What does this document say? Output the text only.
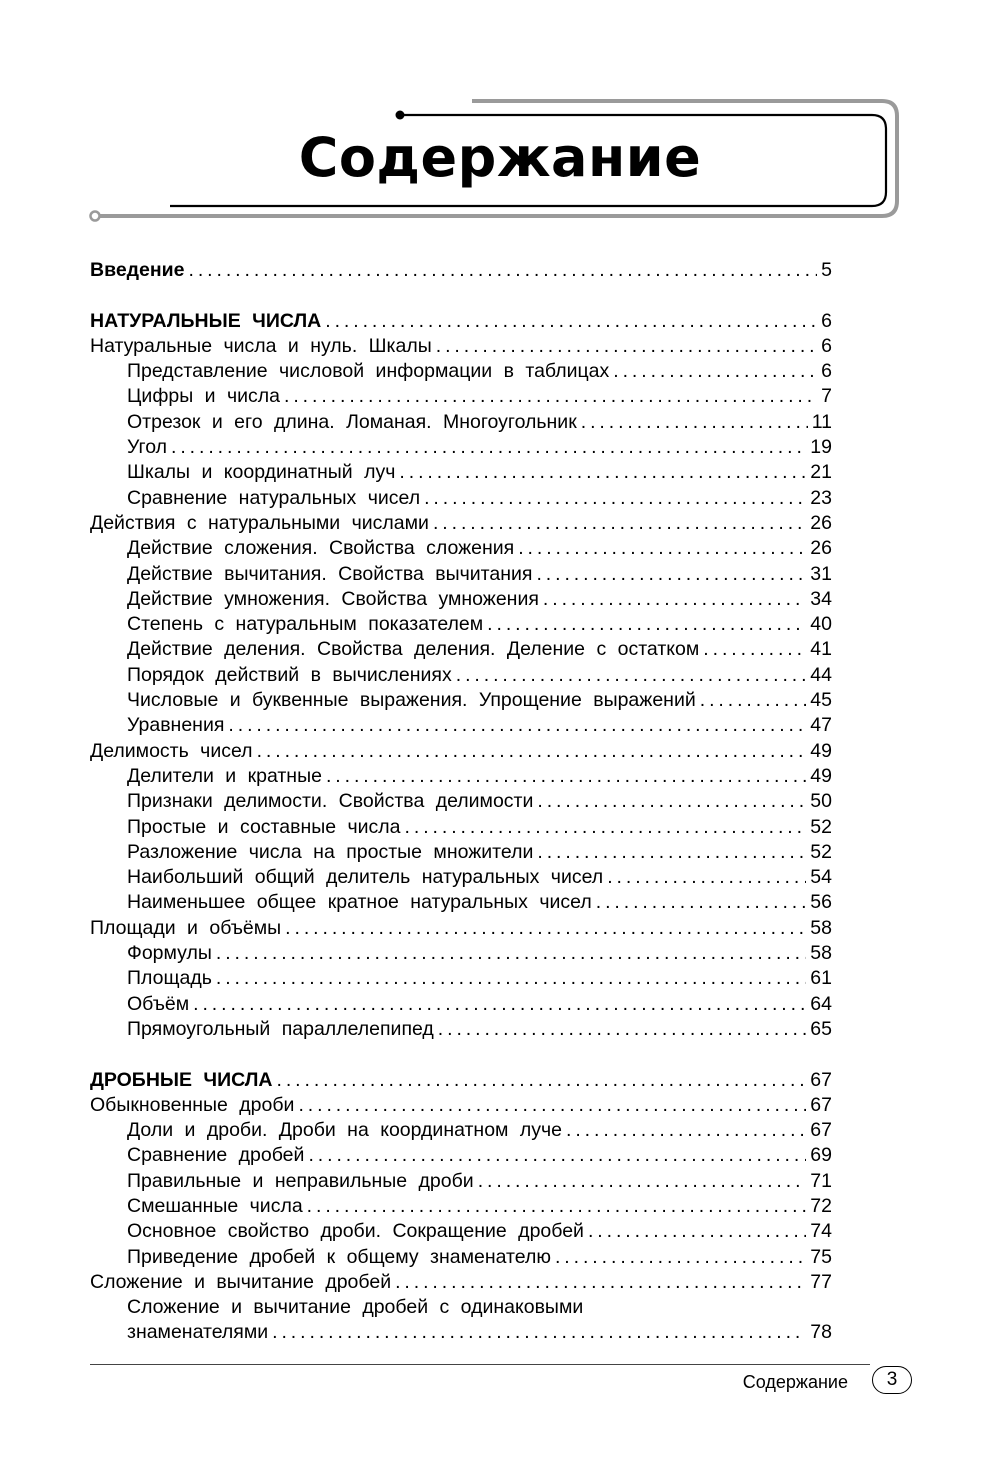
Содержание
Введение . . .	5
НАТУРАЛЬНЫЕ ЧИСЛА . . .	6
Натуральные числа и нуль. Шкалы . . .	6
Представление числовой информации в таблицах . . .	6
Цифры и числа . . .	7
Отрезок и его длина. Ломаная. Многоугольник . . .	11
Угол . . .	19
Шкалы и координатный луч . . .	21
Сравнение натуральных чисел . . .	23
Действия с натуральными числами . . .	26
Действие сложения. Свойства сложения . . .	26
Действие вычитания. Свойства вычитания . . .	31
Действие умножения. Свойства умножения . . .	34
Степень с натуральным показателем . . .	40
Действие деления. Свойства деления. Деление с остатком . . .	41
Порядок действий в вычислениях . . .	44
Числовые и буквенные выражения. Упрощение выражений . . .	45
Уравнения . . .	47
Делимость чисел . . .	49
Делители и кратные . . .	49
Признаки делимости. Свойства делимости . . .	50
Простые и составные числа . . .	52
Разложение числа на простые множители . . .	52
Наибольший общий делитель натуральных чисел . . .	54
Наименьшее общее кратное натуральных чисел . . .	56
Площади и объёмы . . .	58
Формулы . . .	58
Площадь . . .	61
Объём . . .	64
Прямоугольный параллелепипед . . .	65
ДРОБНЫЕ ЧИСЛА . . .	67
Обыкновенные дроби . . .	67
Доли и дроби. Дроби на координатном луче . . .	67
Сравнение дробей . . .	69
Правильные и неправильные дроби . . .	71
Смешанные числа . . .	72
Основное свойство дроби. Сокращение дробей . . .	74
Приведение дробей к общему знаменателю . . .	75
Сложение и вычитание дробей . . .	77
Сложение и вычитание дробей с одинаковыми
знаменателями . . .	78
Содержание	3
